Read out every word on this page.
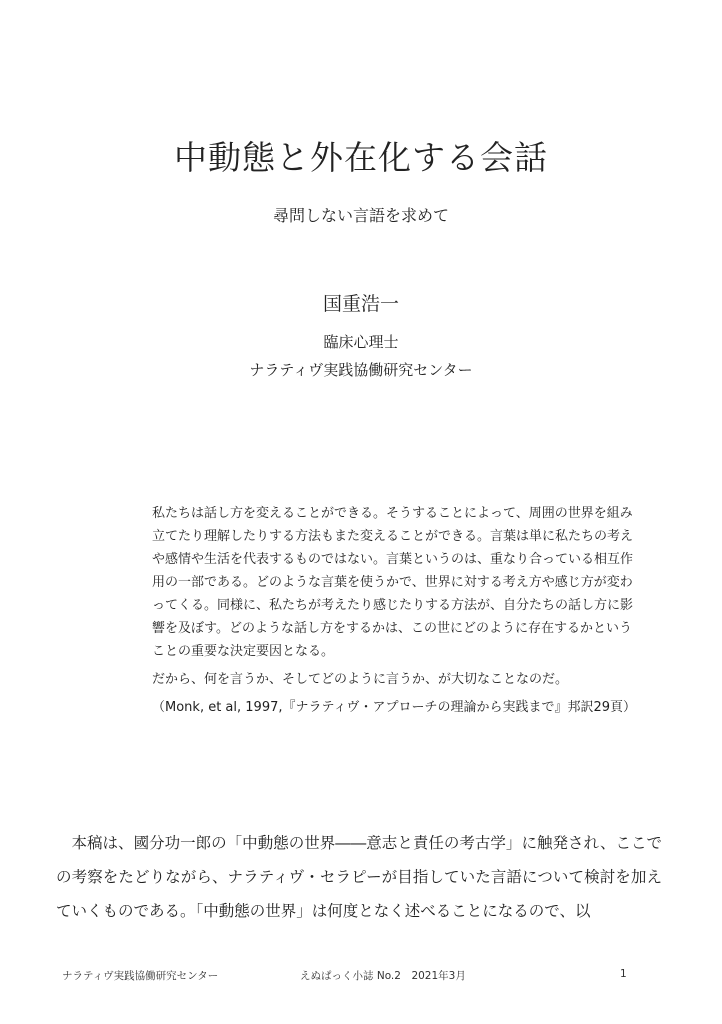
中動態と外在化する会話
尋問しない言語を求めて
国重浩一
臨床心理士
ナラティヴ実践協働研究センター

私たちは話し方を変えることができる。そうすることによって、周囲の世界を組み立てたり理解したりする方法もまた変えることができる。言葉は単に私たちの考えや感情や生活を代表するものではない。言葉というのは、重なり合っている相互作用の一部である。どのような言葉を使うかで、世界に対する考え方や感じ方が変わってくる。同様に、私たちが考えたり感じたりする方法が、自分たちの話し方に影響を及ぼす。どのような話し方をするかは、この世にどのように存在するかということの重要な決定要因となる。

だから、何を言うか、そしてどのように言うか、が大切なことなのだ。

（Monk, et al, 1997,『ナラティヴ・アプローチの理論から実践まで』邦訳29頁）

本稿は、國分功一郎の「中動態の世界――意志と責任の考古学」に触発され、ここでの考察をたどりながら、ナラティヴ・セラピーが目指していた言語について検討を加えていくものである。「中動態の世界」は何度となく述べることになるので、以
ナラティヴ実践協働研究センター	えぬぱっく小誌 No.2　2021年3月	1
